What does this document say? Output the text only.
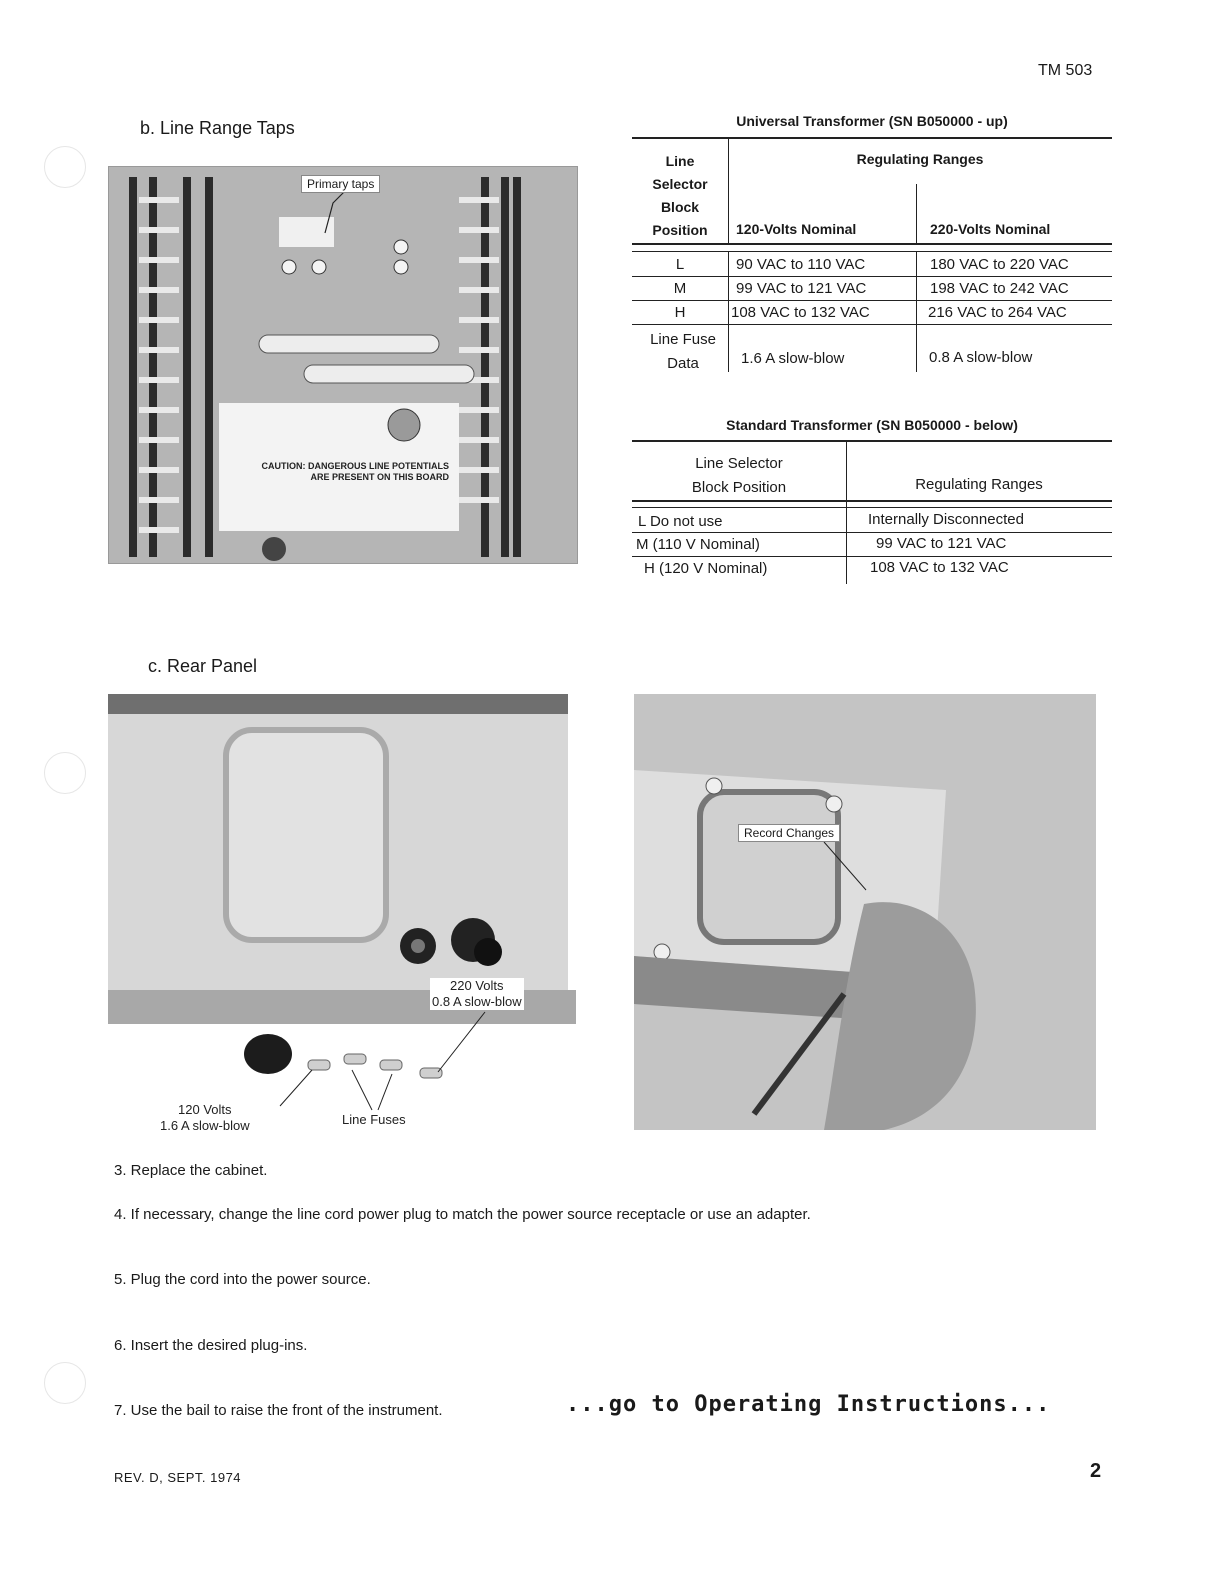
TM 503
b. Line Range Taps
Primary taps
CAUTION: DANGEROUS LINE POTENTIALS
ARE PRESENT ON THIS BOARD
Universal Transformer (SN B050000 - up)
Line
Selector
Block
Position
Regulating Ranges
120-Volts Nominal	220-Volts Nominal
L	90 VAC to 110 VAC	180 VAC to 220 VAC
M	99 VAC to 121 VAC	198 VAC to 242 VAC
H	108 VAC to 132 VAC	216 VAC to 264 VAC
Line Fuse
Data	1.6 A slow-blow	0.8 A slow-blow
Standard Transformer (SN B050000 - below)
Line Selector
Block Position	Regulating Ranges
L Do not use	Internally Disconnected
M (110 V Nominal)	99 VAC to 121 VAC
H (120 V Nominal)	108 VAC to 132 VAC
c. Rear Panel
220 Volts
0.8 A slow-blow
120 Volts
1.6 A slow-blow	Line Fuses
Record Changes
3. Replace the cabinet.
4. If necessary, change the line cord power plug to match the power source receptacle or use an adapter.
5. Plug the cord into the power source.
6. Insert the desired plug-ins.
7. Use the bail to raise the front of the instrument.	...go to Operating Instructions...
REV. D, SEPT. 1974	2
